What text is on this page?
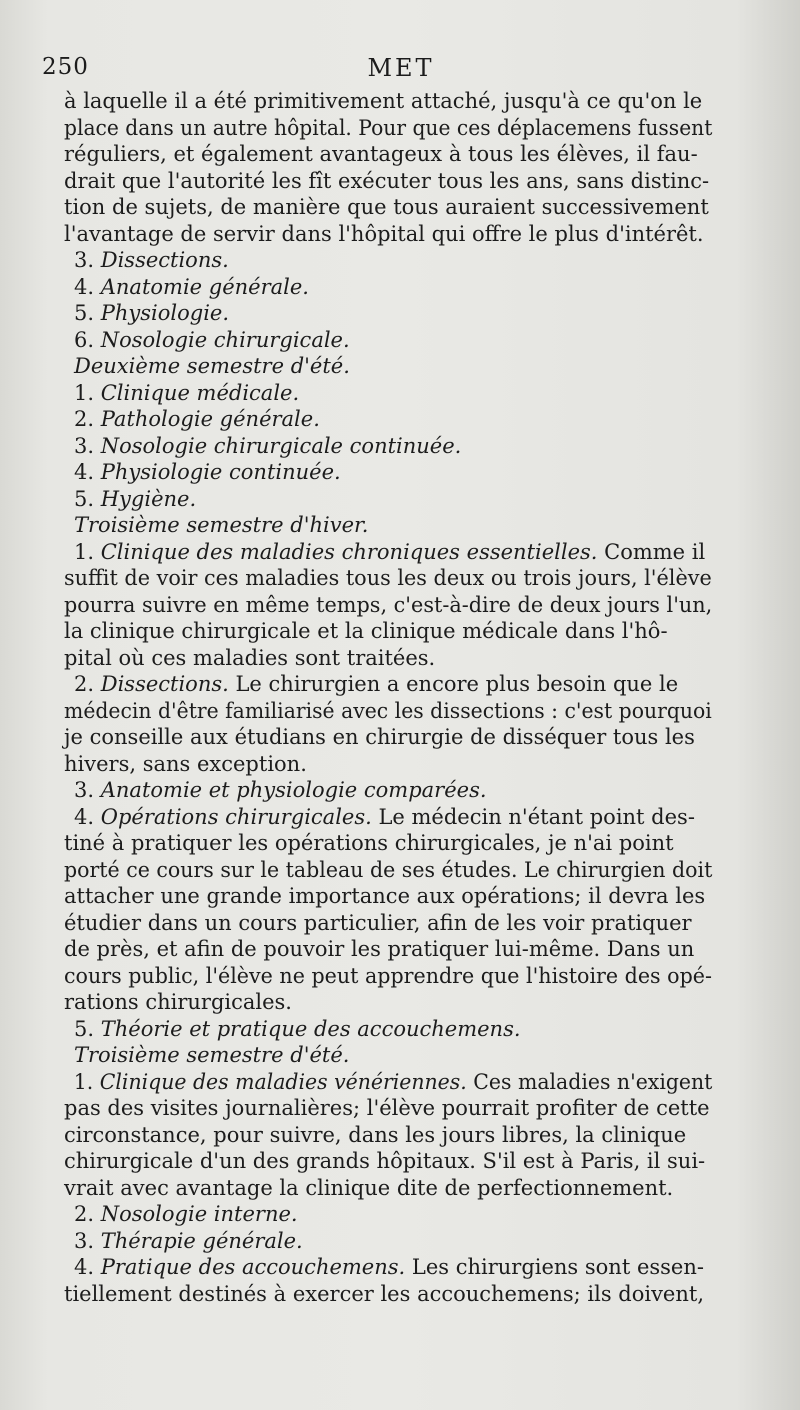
250	MET
à laquelle il a été primitivement attaché, jusqu'à ce qu'on le
place dans un autre hôpital. Pour que ces déplacemens fussent
réguliers, et également avantageux à tous les élèves, il fau-
drait que l'autorité les fît exécuter tous les ans, sans distinc-
tion de sujets, de manière que tous auraient successivement
l'avantage de servir dans l'hôpital qui offre le plus d'intérêt.
3. Dissections.
4. Anatomie générale.
5. Physiologie.
6. Nosologie chirurgicale.
Deuxième semestre d'été.
1. Clinique médicale.
2. Pathologie générale.
3. Nosologie chirurgicale continuée.
4. Physiologie continuée.
5. Hygiène.
Troisième semestre d'hiver.
1. Clinique des maladies chroniques essentielles. Comme il
suffit de voir ces maladies tous les deux ou trois jours, l'élève
pourra suivre en même temps, c'est-à-dire de deux jours l'un,
la clinique chirurgicale et la clinique médicale dans l'hô-
pital où ces maladies sont traitées.
2. Dissections. Le chirurgien a encore plus besoin que le
médecin d'être familiarisé avec les dissections : c'est pourquoi
je conseille aux étudians en chirurgie de disséquer tous les
hivers, sans exception.
3. Anatomie et physiologie comparées.
4. Opérations chirurgicales. Le médecin n'étant point des-
tiné à pratiquer les opérations chirurgicales, je n'ai point
porté ce cours sur le tableau de ses études. Le chirurgien doit
attacher une grande importance aux opérations; il devra les
étudier dans un cours particulier, afin de les voir pratiquer
de près, et afin de pouvoir les pratiquer lui-même. Dans un
cours public, l'élève ne peut apprendre que l'histoire des opé-
rations chirurgicales.
5. Théorie et pratique des accouchemens.
Troisième semestre d'été.
1. Clinique des maladies vénériennes. Ces maladies n'exigent
pas des visites journalières; l'élève pourrait profiter de cette
circonstance, pour suivre, dans les jours libres, la clinique
chirurgicale d'un des grands hôpitaux. S'il est à Paris, il sui-
vrait avec avantage la clinique dite de perfectionnement.
2. Nosologie interne.
3. Thérapie générale.
4. Pratique des accouchemens. Les chirurgiens sont essen-
tiellement destinés à exercer les accouchemens; ils doivent,
